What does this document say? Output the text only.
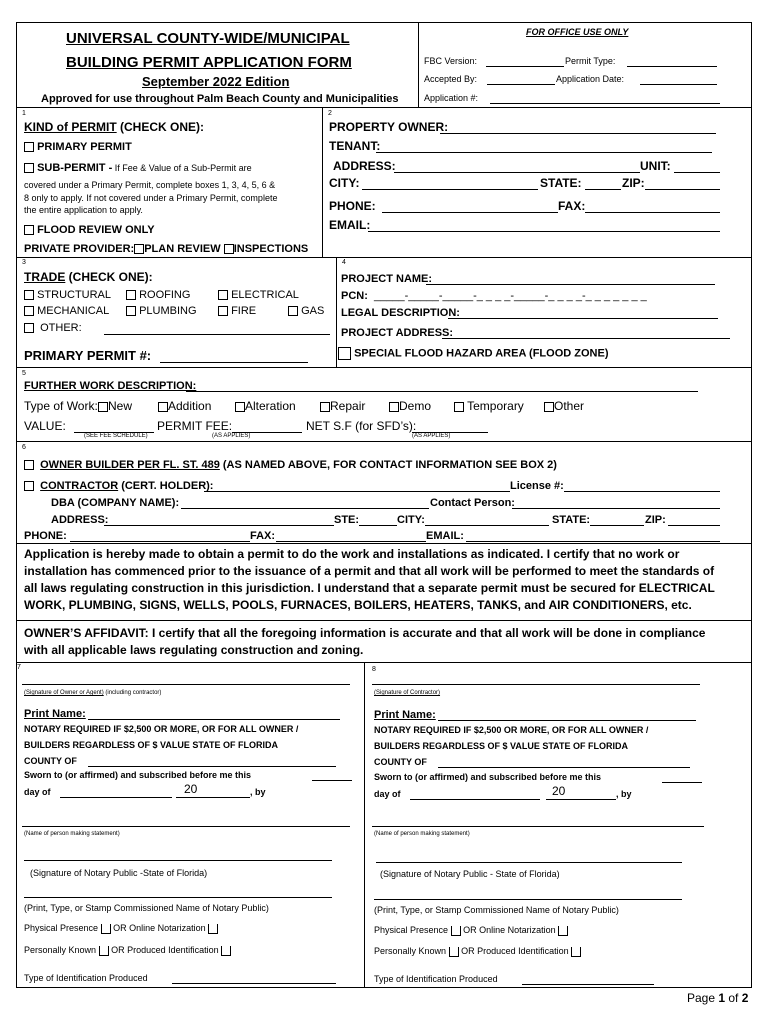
1	2
3	4
5
6
7	8
UNIVERSAL COUNTY-WIDE/MUNICIPAL
BUILDING PERMIT APPLICATION FORM
September 2022 Edition
Approved for use throughout Palm Beach County and Municipalities
FOR OFFICE USE ONLY
FBC Version:	Permit Type:
Accepted By:	Application Date:
Application #:
KIND of PERMIT (CHECK ONE):
PRIMARY PERMIT
SUB-PERMIT - If Fee & Value of a Sub-Permit are
covered under a Primary Permit, complete boxes 1, 3, 4, 5, 6 &
8 only to apply. If not covered under a Primary Permit, complete
the entire application to apply.
FLOOD REVIEW ONLY
PRIVATE PROVIDER: PLAN REVIEW INSPECTIONS
PROPERTY OWNER:
TENANT:
ADDRESS:	UNIT:
CITY:	STATE:	ZIP:
PHONE:	FAX:
EMAIL:
TRADE (CHECK ONE):
STRUCTURAL	ROOFING	ELECTRICAL
MECHANICAL	PLUMBING	FIRE	GAS
OTHER:
PRIMARY PERMIT #:
PROJECT NAME:
PCN: _____-_____-_____-_ _ _ _-_____-_ _ _ _-_ _ _ _ _ _ _
LEGAL DESCRIPTION:
PROJECT ADDRESS:
SPECIAL FLOOD HAZARD AREA (FLOOD ZONE)
FURTHER WORK DESCRIPTION:
Type of Work: New	Addition	Alteration	Repair	Demo	Temporary	Other
VALUE:
(SEE FEE SCHEDULE)
PERMIT FEE:
(AS APPLIES)
NET S.F (for SFD’s):
(AS APPLIES)
OWNER BUILDER PER FL. ST. 489 (AS NAMED ABOVE, FOR CONTACT INFORMATION SEE BOX 2)
CONTRACTOR (CERT. HOLDER):	License #:
DBA (COMPANY NAME):	Contact Person:
ADDRESS:	STE:	CITY:	STATE:	ZIP:
PHONE:	FAX:	EMAIL:
Application is hereby made to obtain a permit to do the work and installations as indicated. I certify that no work or
installation has commenced prior to the issuance of a permit and that all work will be performed to meet the standards of
all laws regulating construction in this jurisdiction. I understand that a separate permit must be secured for ELECTRICAL
WORK, PLUMBING, SIGNS, WELLS, POOLS, FURNACES, BOILERS, HEATERS, TANKS, and AIR CONDITIONERS, etc.
OWNER’S AFFIDAVIT: I certify that all the foregoing information is accurate and that all work will be done in compliance
with all applicable laws regulating construction and zoning.
(Signature of Owner or Agent) (including contractor)
Print Name:
NOTARY REQUIRED IF $2,500 OR MORE, OR FOR ALL OWNER /
BUILDERS REGARDLESS OF $ VALUE STATE OF FLORIDA
COUNTY OF
Sworn to (or affirmed) and subscribed before me this
day of	20	, by
(Name of person making statement)
(Signature of Notary Public -State of Florida)
(Print, Type, or Stamp Commissioned Name of Notary Public)
Physical Presence OR Online Notarization
Personally Known OR Produced Identification
Type of Identification Produced
(Signature of Contractor)
Print Name:
NOTARY REQUIRED IF $2,500 OR MORE, OR FOR ALL OWNER /
BUILDERS REGARDLESS OF $ VALUE STATE OF FLORIDA
COUNTY OF
Sworn to (or affirmed) and subscribed before me this
day of	20	, by
(Name of person making statement)
(Signature of Notary Public - State of Florida)
(Print, Type, or Stamp Commissioned Name of Notary Public)
Physical Presence OR Online Notarization
Personally Known OR Produced Identification
Type of Identification Produced
Page 1 of 2
